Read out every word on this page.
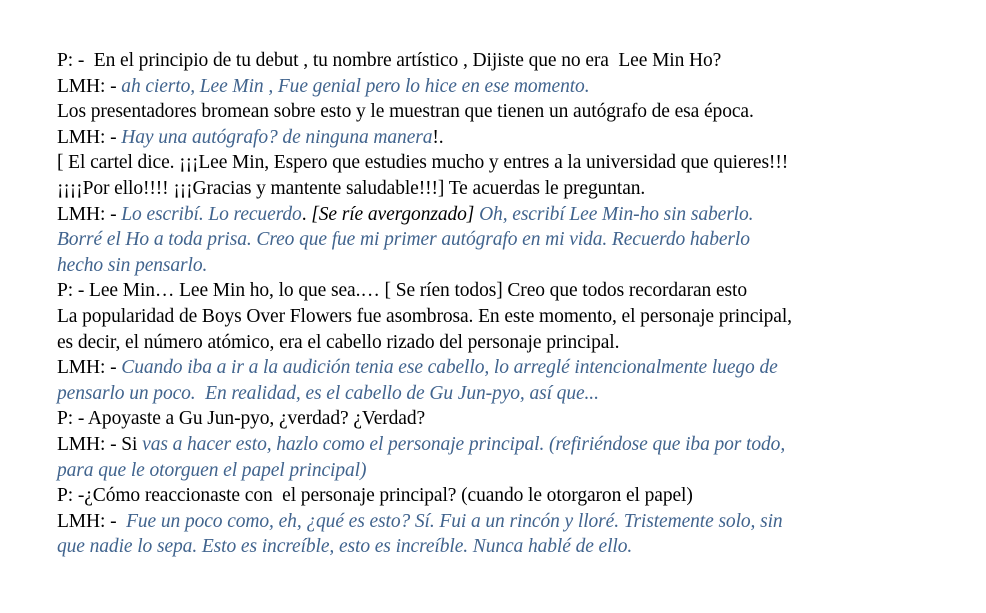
P: -  En el principio de tu debut , tu nombre artístico , Dijiste que no era  Lee Min Ho?
LMH: - ah cierto, Lee Min , Fue genial pero lo hice en ese momento.
Los presentadores bromean sobre esto y le muestran que tienen un autógrafo de esa época.
LMH: - Hay una autógrafo? de ninguna manera!.
[ El cartel dice. ¡¡¡Lee Min, Espero que estudies mucho y entres a la universidad que quieres!!!
¡¡¡¡Por ello!!!! ¡¡¡Gracias y mantente saludable!!!] Te acuerdas le preguntan.
LMH: - Lo escribí. Lo recuerdo. [Se ríe avergonzado] Oh, escribí Lee Min-ho sin saberlo.
Borré el Ho a toda prisa. Creo que fue mi primer autógrafo en mi vida. Recuerdo haberlo
hecho sin pensarlo.
P: - Lee Min… Lee Min ho, lo que sea.… [ Se ríen todos] Creo que todos recordaran esto
La popularidad de Boys Over Flowers fue asombrosa. En este momento, el personaje principal,
es decir, el número atómico, era el cabello rizado del personaje principal.
LMH: - Cuando iba a ir a la audición tenia ese cabello, lo arreglé intencionalmente luego de
pensarlo un poco.  En realidad, es el cabello de Gu Jun-pyo, así que...
P: - Apoyaste a Gu Jun-pyo, ¿verdad? ¿Verdad?
LMH: - Si vas a hacer esto, hazlo como el personaje principal. (refiriéndose que iba por todo,
para que le otorguen el papel principal)
P: -¿Cómo reaccionaste con  el personaje principal? (cuando le otorgaron el papel)
LMH: -  Fue un poco como, eh, ¿qué es esto? Sí. Fui a un rincón y lloré. Tristemente solo, sin
que nadie lo sepa. Esto es increíble, esto es increíble. Nunca hablé de ello.
